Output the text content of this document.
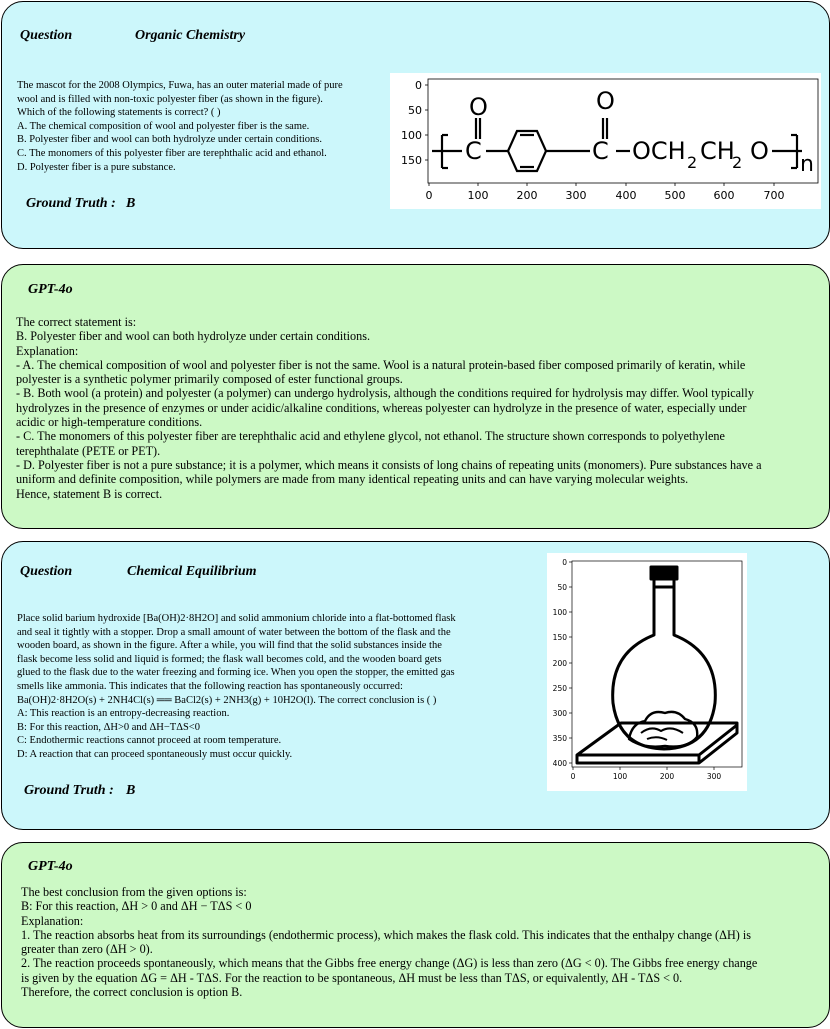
Question	Organic Chemistry

The mascot for the 2008 Olympics, Fuwa, has an outer material made of pure
wool and is filled with non-toxic polyester fiber (as shown in the figure).
Which of the following statements is correct? ( )
A. The chemical composition of wool and polyester fiber is the same.
B. Polyester fiber and wool can both hydrolyze under certain conditions.
C. The monomers of this polyester fiber are terephthalic acid and ethanol.
D. Polyester fiber is a pure substance.

Ground Truth : B

0
50
100
150
0	100	200	300	400	500	600	700
O
C
O
C OCH 2 CH
2 O n

GPT-4o

The correct statement is:
B. Polyester fiber and wool can both hydrolyze under certain conditions.
Explanation:
- A. The chemical composition of wool and polyester fiber is not the same. Wool is a natural protein-based fiber composed primarily of keratin, while
polyester is a synthetic polymer primarily composed of ester functional groups.
- B. Both wool (a protein) and polyester (a polymer) can undergo hydrolysis, although the conditions required for hydrolysis may differ. Wool typically
hydrolyzes in the presence of enzymes or under acidic/alkaline conditions, whereas polyester can hydrolyze in the presence of water, especially under
acidic or high-temperature conditions.
- C. The monomers of this polyester fiber are terephthalic acid and ethylene glycol, not ethanol. The structure shown corresponds to polyethylene
terephthalate (PETE or PET).
- D. Polyester fiber is not a pure substance; it is a polymer, which means it consists of long chains of repeating units (monomers). Pure substances have a
uniform and definite composition, while polymers are made from many identical repeating units and can have varying molecular weights.
Hence, statement B is correct.

Question	Chemical Equilibrium

Place solid barium hydroxide [Ba(OH)2·8H2O] and solid ammonium chloride into a flat-bottomed flask
and seal it tightly with a stopper. Drop a small amount of water between the bottom of the flask and the
wooden board, as shown in the figure. After a while, you will find that the solid substances inside the
flask become less solid and liquid is formed; the flask wall becomes cold, and the wooden board gets
glued to the flask due to the water freezing and forming ice. When you open the stopper, the emitted gas
smells like ammonia. This indicates that the following reaction has spontaneously occurred:
Ba(OH)2·8H2O(s) + 2NH4Cl(s) ══ BaCl2(s) + 2NH3(g) + 10H2O(l). The correct conclusion is ( )
A: This reaction is an entropy-decreasing reaction.
B: For this reaction, ΔH>0 and ΔH−TΔS<0
C: Endothermic reactions cannot proceed at room temperature.
D: A reaction that can proceed spontaneously must occur quickly.

Ground Truth : B

0
50
100
150
200
250
300
350
400
0	100	200	300

GPT-4o

The best conclusion from the given options is:
B: For this reaction, ΔH > 0 and ΔH − TΔS < 0
Explanation:
1. The reaction absorbs heat from its surroundings (endothermic process), which makes the flask cold. This indicates that the enthalpy change (ΔH) is
greater than zero (ΔH > 0).
2. The reaction proceeds spontaneously, which means that the Gibbs free energy change (ΔG) is less than zero (ΔG < 0). The Gibbs free energy change
is given by the equation ΔG = ΔH - TΔS. For the reaction to be spontaneous, ΔH must be less than TΔS, or equivalently, ΔH - TΔS < 0.
Therefore, the correct conclusion is option B.
